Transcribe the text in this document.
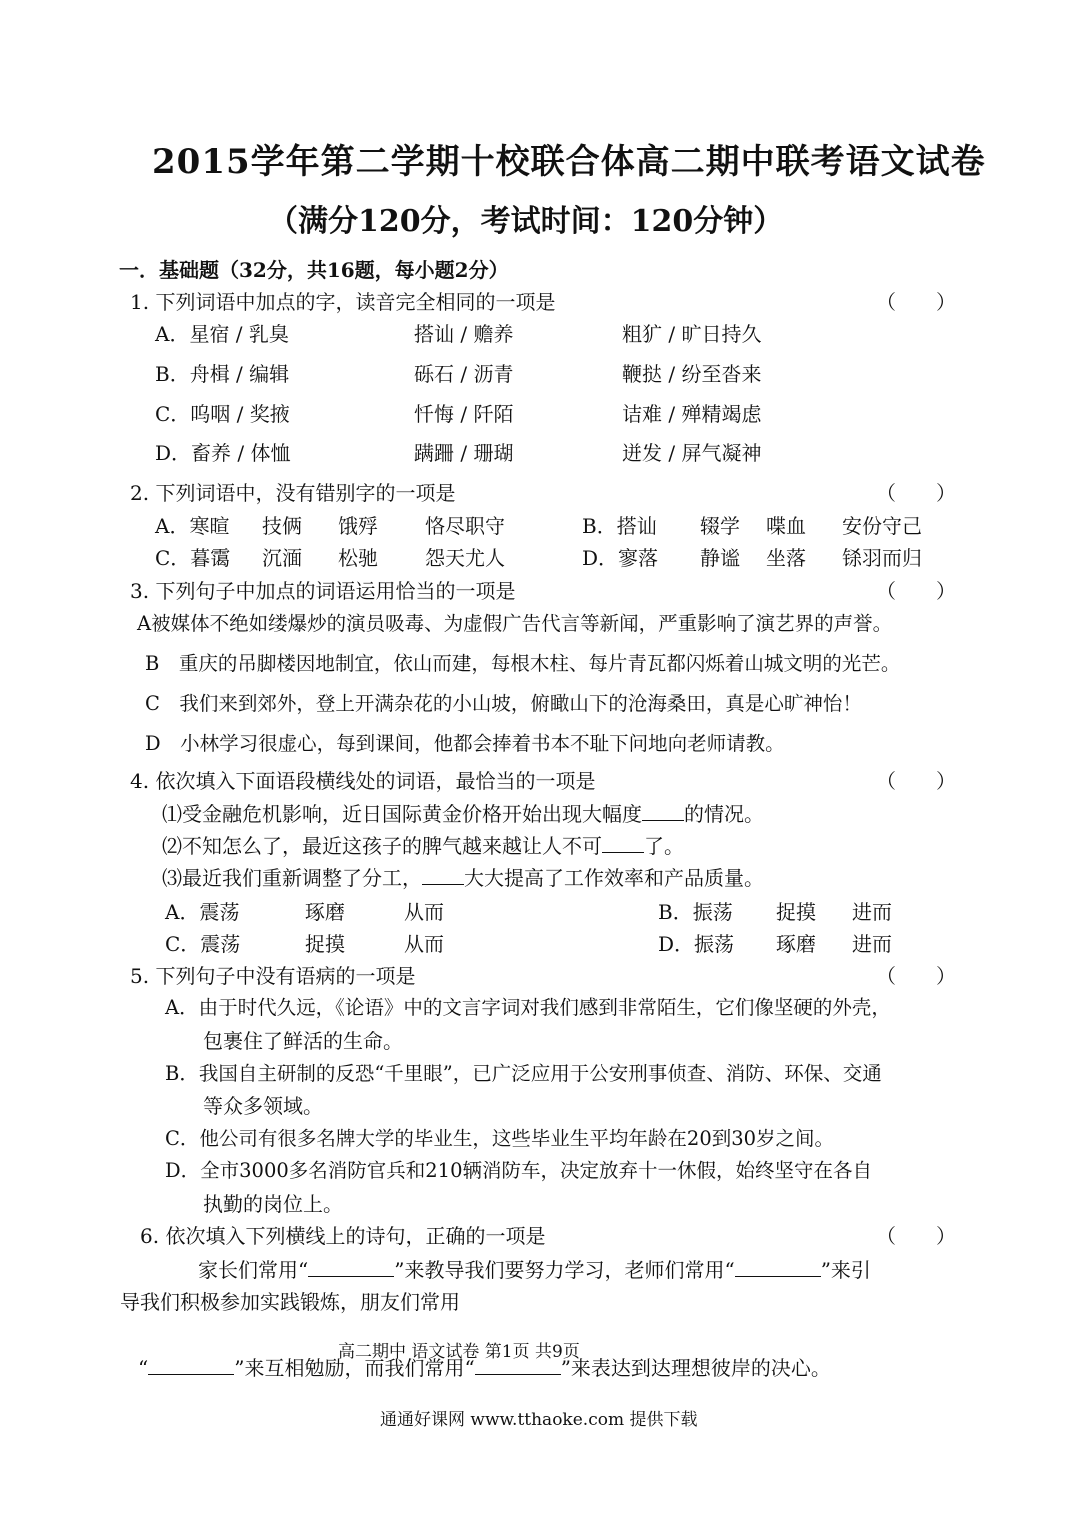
2015学年第二学期十校联合体高二期中联考语文试卷
（满分120分，考试时间：120分钟）
一．基础题（32分，共16题，每小题2分）
1. 下列词语中加点的字，读音完全相同的一项是	（　　）
A．星宿 / 乳臭	搭讪 / 赡养	粗犷 / 旷日持久
B．舟楫 / 编辑	砾石 / 沥青	鞭挞 / 纷至沓来
C．呜咽 / 奖掖	忏悔 / 阡陌	诘难 / 殚精竭虑
D．畜养 / 体恤	蹒跚 / 珊瑚	迸发 / 屏气凝神
2. 下列词语中，没有错别字的一项是	（　　）
A．寒暄 技俩 饿殍 恪尽职守	B．搭讪 辍学 喋血 安份守己
C．暮霭 沉湎 松驰 怨天尤人	D．寥落 静谧 坐落 铩羽而归
3. 下列句子中加点的词语运用恰当的一项是	（　　）
A被媒体不绝如缕爆炒的演员吸毒、为虚假广告代言等新闻，严重影响了演艺界的声誉。
B　重庆的吊脚楼因地制宜，依山而建，每根木柱、每片青瓦都闪烁着山城文明的光芒。
C　我们来到郊外，登上开满杂花的小山坡，俯瞰山下的沧海桑田，真是心旷神怡！
D　小林学习很虚心，每到课间，他都会捧着书本不耻下问地向老师请教。
4. 依次填入下面语段横线处的词语，最恰当的一项是	（　　）
⑴受金融危机影响，近日国际黄金价格开始出现大幅度 的情况。
⑵不知怎么了，最近这孩子的脾气越来越让人不可 了。
⑶最近我们重新调整了分工， 大大提高了工作效率和产品质量。
A．震荡	琢磨	从而	B．振荡 捉摸 进而
C．震荡	捉摸	从而	D．振荡 琢磨 进而
5. 下列句子中没有语病的一项是	（　　）
A．由于时代久远，《论语》中的文言字词对我们感到非常陌生，它们像坚硬的外壳，
包裹住了鲜活的生命。
B．我国自主研制的反恐“千里眼”，已广泛应用于公安刑事侦查、消防、环保、交通
等众多领域。
C．他公司有很多名牌大学的毕业生，这些毕业生平均年龄在20到30岁之间。
D．全市3000多名消防官兵和210辆消防车，决定放弃十一休假，始终坚守在各自
执勤的岗位上。
6. 依次填入下列横线上的诗句，正确的一项是	（　　）
家长们常用“	”来教导我们要努力学习，老师们常用“	”来引
导我们积极参加实践锻炼，朋友们常用
高二期中 语文试卷 第1页 共9页
“	”来互相勉励，而我们常用“	”来表达到达理想彼岸的决心。
通通好课网 www.tthaoke.com 提供下载
